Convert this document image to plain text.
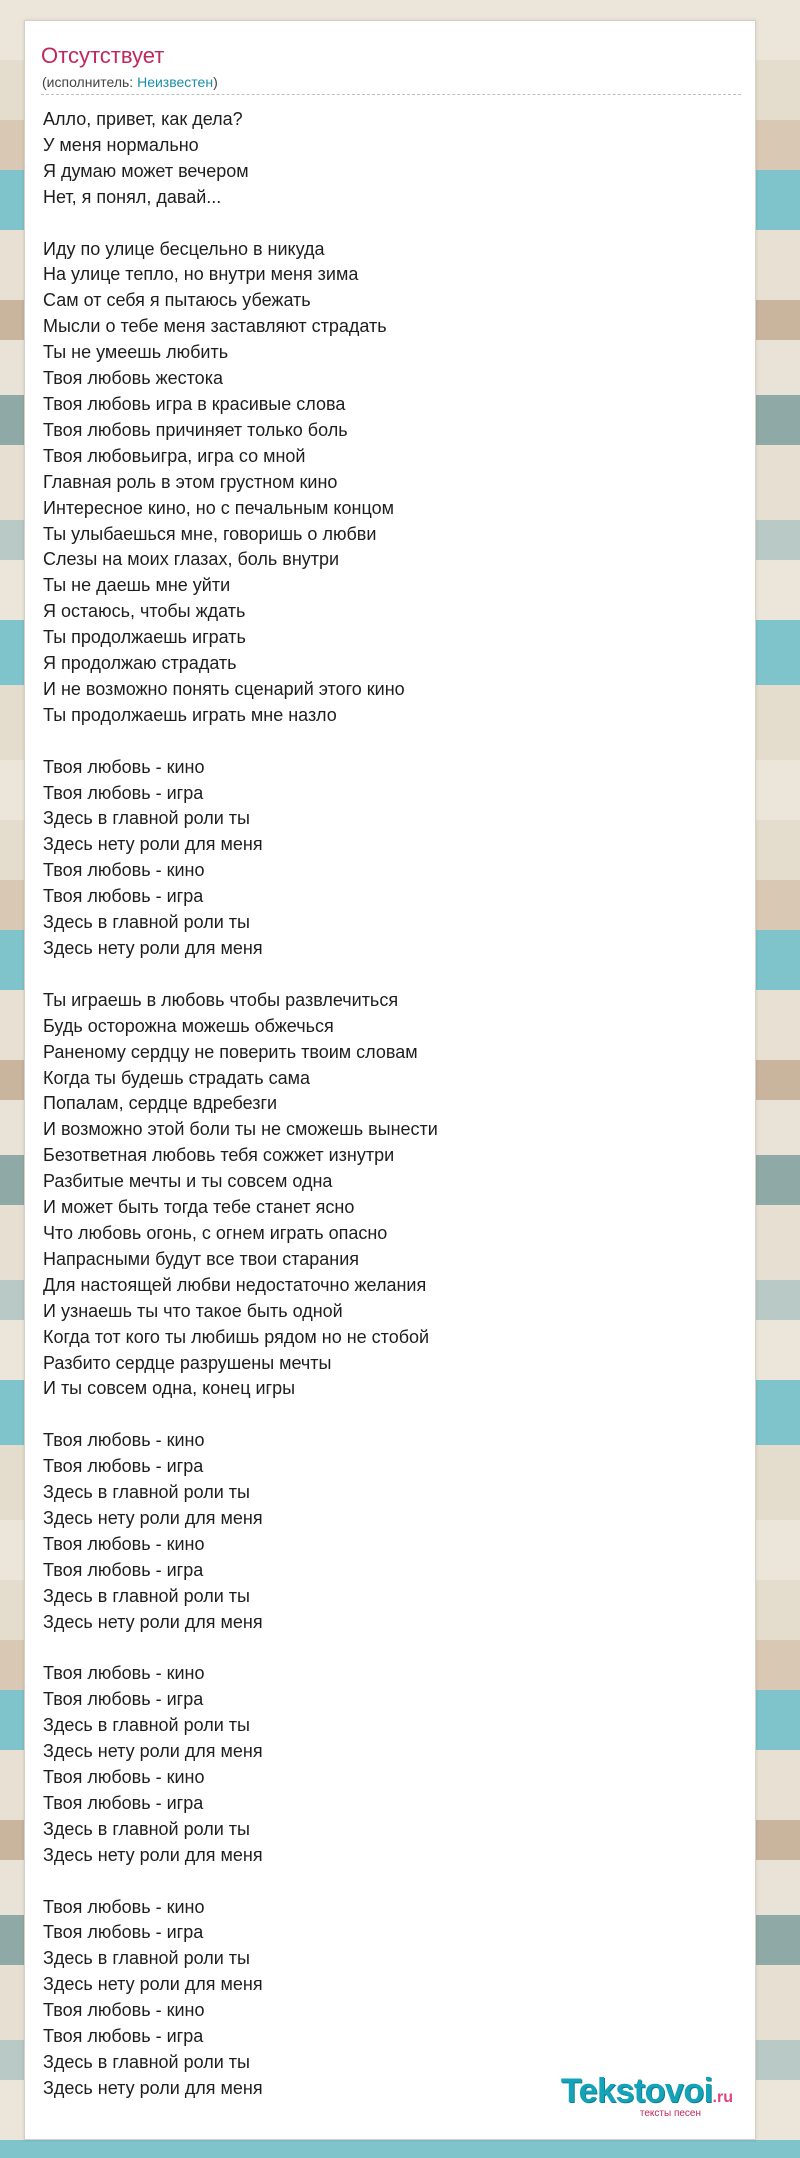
Отсутствует
(исполнитель: Неизвестен)
Алло, привет, как дела?
У меня нормально
Я думаю может вечером
Нет, я понял, давай...

Иду по улице бесцельно в никуда
На улице тепло, но внутри меня зима
Сам от себя я пытаюсь убежать
Мысли о тебе меня заставляют страдать
Ты не умеешь любить
Твоя любовь жестока
Твоя любовь игра в красивые слова
Твоя любовь причиняет только боль
Твоя любовьигра, игра со мной
Главная роль в этом грустном кино
Интересное кино, но с печальным концом
Ты улыбаешься мне, говоришь о любви
Слезы на моих глазах, боль внутри
Ты не даешь мне уйти
Я остаюсь, чтобы ждать
Ты продолжаешь играть
Я продолжаю страдать
И не возможно понять сценарий этого кино
Ты продолжаешь играть мне назло

Твоя любовь - кино
Твоя любовь - игра
Здесь в главной роли ты
Здесь нету роли для меня
Твоя любовь - кино
Твоя любовь - игра
Здесь в главной роли ты
Здесь нету роли для меня

Ты играешь в любовь чтобы развлечиться
Будь осторожна можешь обжечься
Раненому сердцу не поверить твоим словам
Когда ты будешь страдать сама
Попалам, сердце вдребезги
И возможно этой боли ты не сможешь вынести
Безответная любовь тебя сожжет изнутри
Разбитые мечты и ты совсем одна
И может быть тогда тебе станет ясно
Что любовь огонь, с огнем играть опасно
Напрасными будут все твои старания
Для настоящей любви недостаточно желания
И узнаешь ты что такое быть одной
Когда тот кого ты любишь рядом но не стобой
Разбито сердце разрушены мечты
И ты совсем одна, конец игры

Твоя любовь - кино
Твоя любовь - игра
Здесь в главной роли ты
Здесь нету роли для меня
Твоя любовь - кино
Твоя любовь - игра
Здесь в главной роли ты
Здесь нету роли для меня

Твоя любовь - кино
Твоя любовь - игра
Здесь в главной роли ты
Здесь нету роли для меня
Твоя любовь - кино
Твоя любовь - игра
Здесь в главной роли ты
Здесь нету роли для меня

Твоя любовь - кино
Твоя любовь - игра
Здесь в главной роли ты
Здесь нету роли для меня
Твоя любовь - кино
Твоя любовь - игра
Здесь в главной роли ты
Здесь нету роли для меня	Tekstovoi.ru
тексты песен
